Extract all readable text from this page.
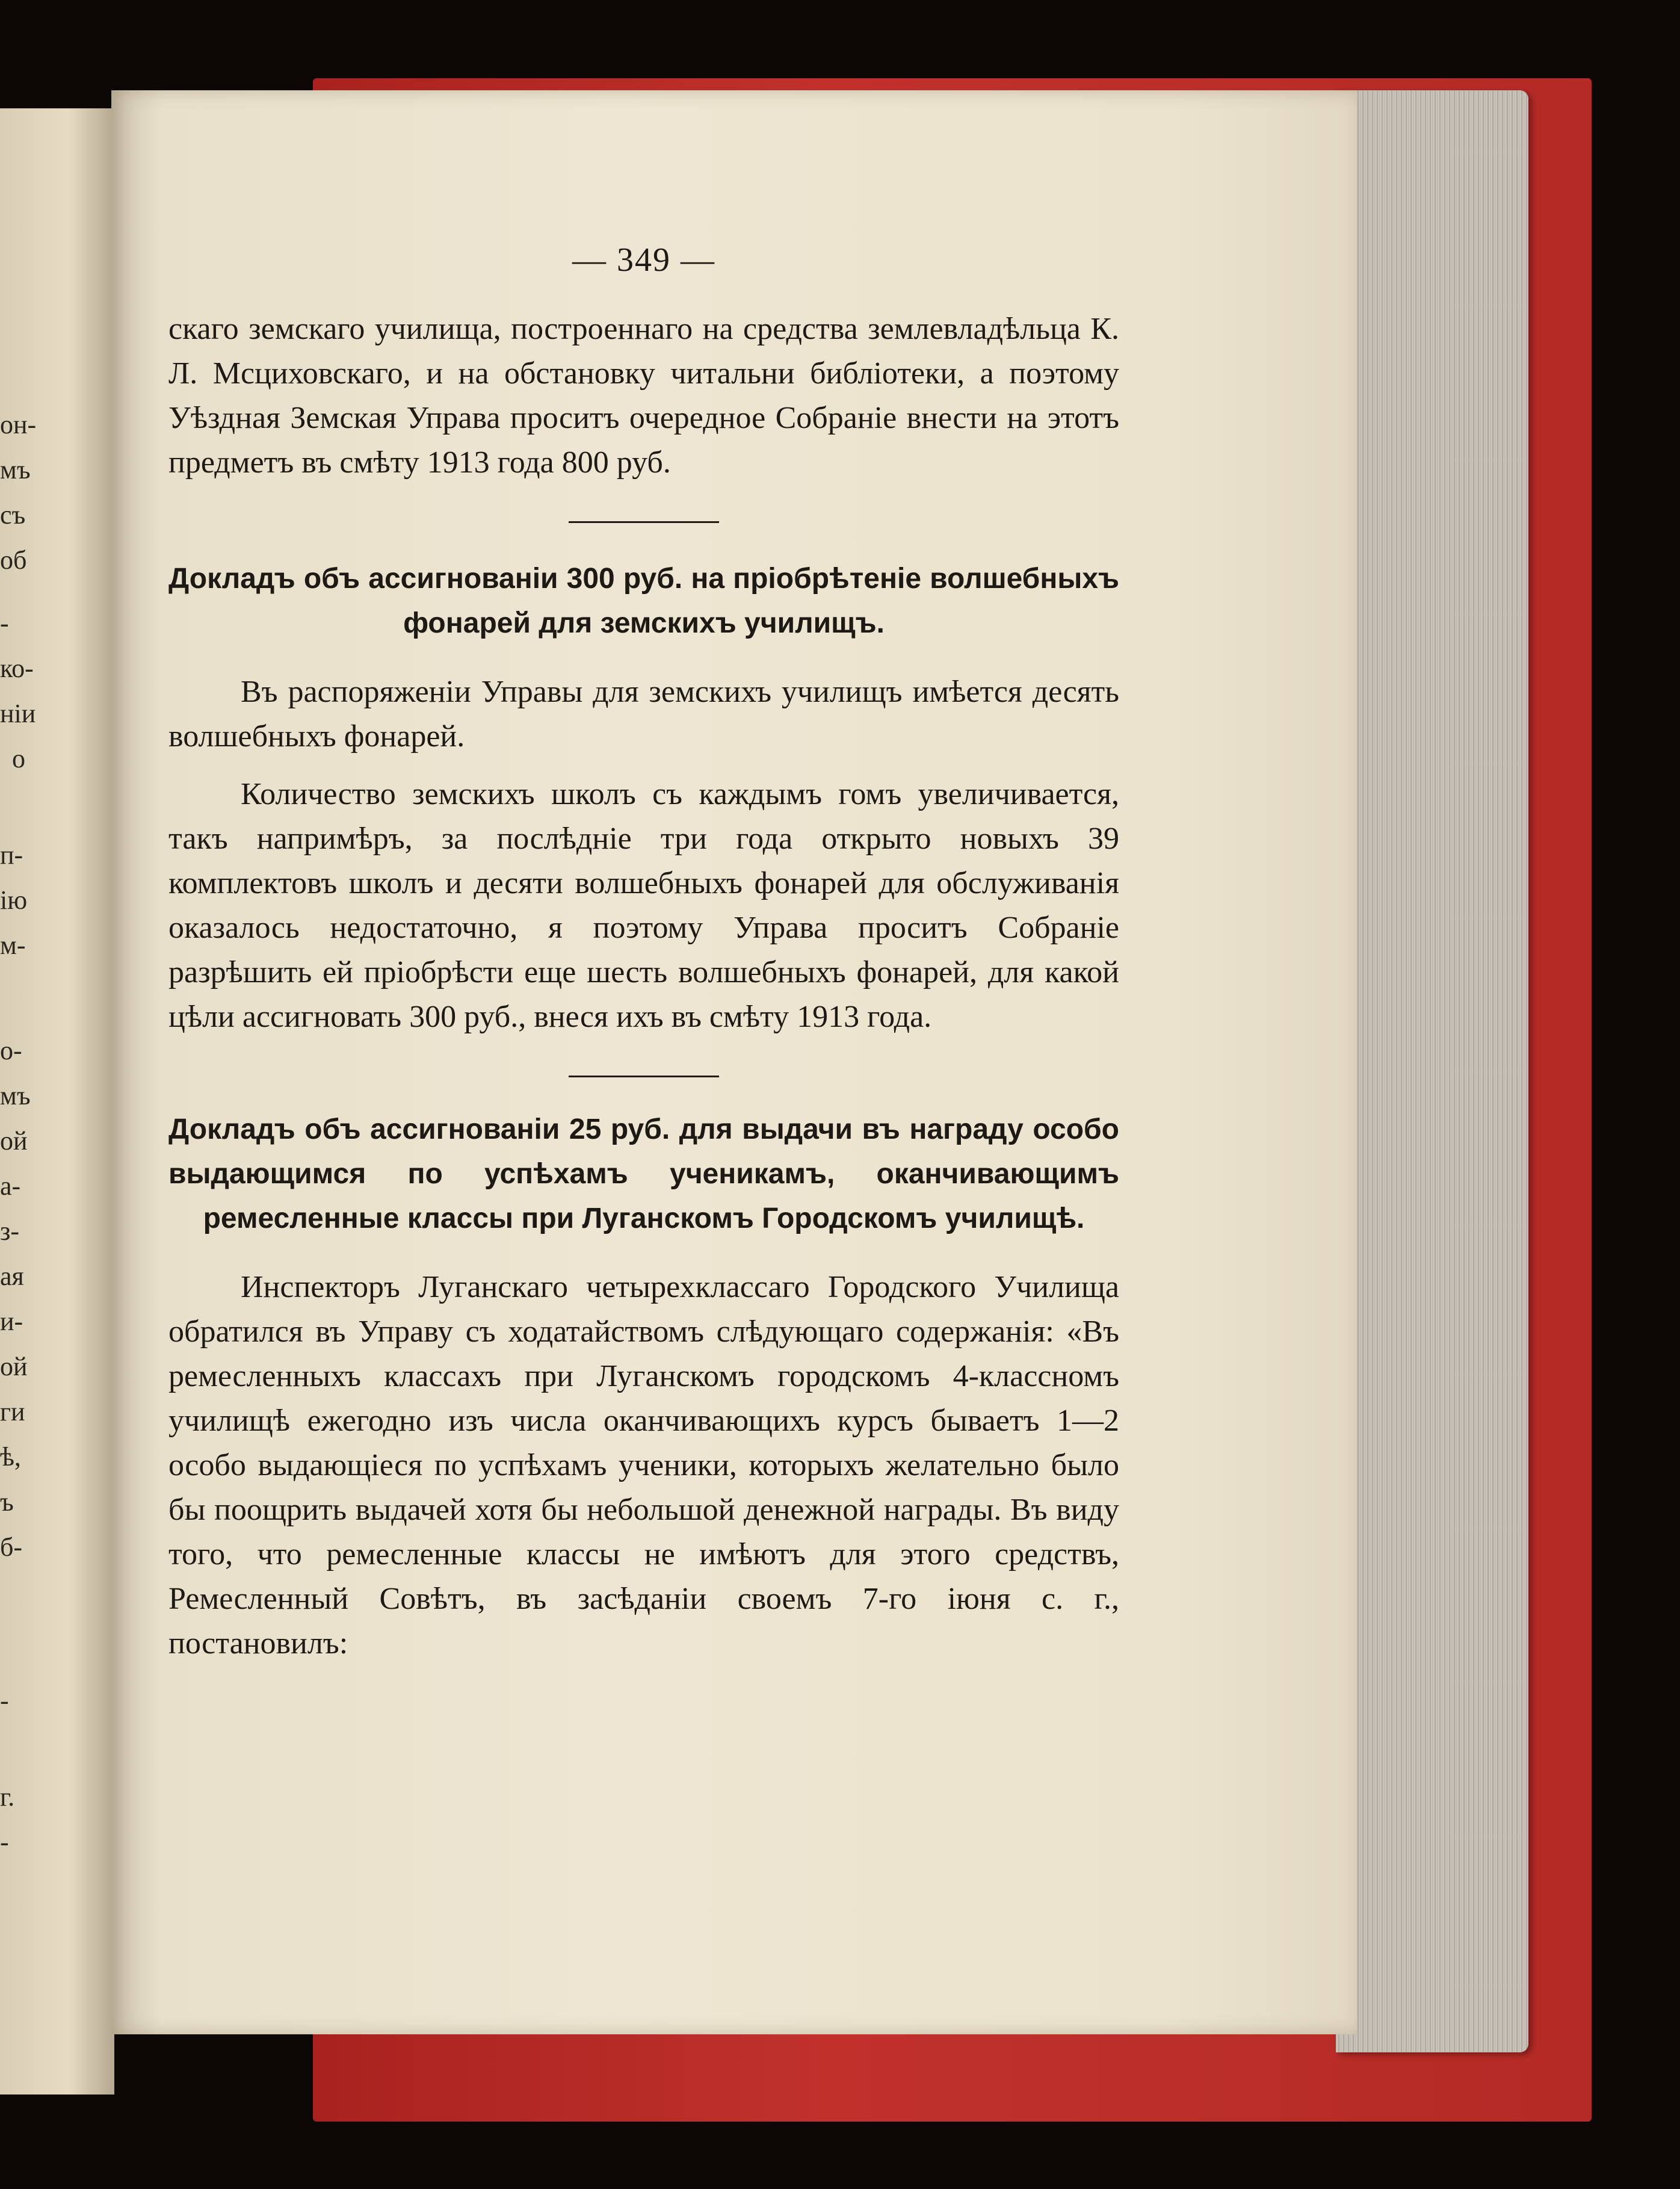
он-
мъ
съ
об
-
ко-
ніи
о
п-
ію
м-
о-
мъ
ой
а-
з-
ая
и-
ой
ги
ѣ,
ъ
б-
-
г.
-
— 349 —

скаго земскаго училища, построеннаго на средства землевладѣльца К. Л. Мсциховскаго, и на обстановку читальни библіотеки, а поэтому Уѣздная Земская Управа проситъ очередное Собраніе внести на этотъ предметъ въ смѣту 1913 года 800 руб.

Докладъ объ ассигнованіи 300 руб. на пріобрѣтеніе волшебныхъ фонарей для земскихъ училищъ.

Въ распоряженіи Управы для земскихъ училищъ имѣется десять волшебныхъ фонарей.

Количество земскихъ школъ съ каждымъ гомъ увеличивается, такъ напримѣръ, за послѣдніе три года открыто новыхъ 39 комплектовъ школъ и десяти волшебныхъ фонарей для обслуживанія оказалось недостаточно, я поэтому Управа проситъ Собраніе разрѣшить ей пріобрѣсти еще шесть волшебныхъ фонарей, для какой цѣли ассигновать 300 руб., внеся ихъ въ смѣту 1913 года.

Докладъ объ ассигнованіи 25 руб. для выдачи въ награду особо выдающимся по успѣхамъ ученикамъ, оканчивающимъ ремесленные классы при Луганскомъ Городскомъ училищѣ.

Инспекторъ Луганскаго четырехклассаго Городского Училища обратился въ Управу съ ходатайствомъ слѣдующаго содержанія: «Въ ремесленныхъ классахъ при Луганскомъ городскомъ 4-классномъ училищѣ ежегодно изъ числа оканчивающихъ курсъ бываетъ 1—2 особо выдающіеся по успѣхамъ ученики, которыхъ желательно было бы поощрить выдачей хотя бы небольшой денежной награды. Въ виду того, что ремесленные классы не имѣютъ для этого средствъ, Ремесленный Совѣтъ, въ засѣданіи своемъ 7-го іюня с. г., постановилъ:
